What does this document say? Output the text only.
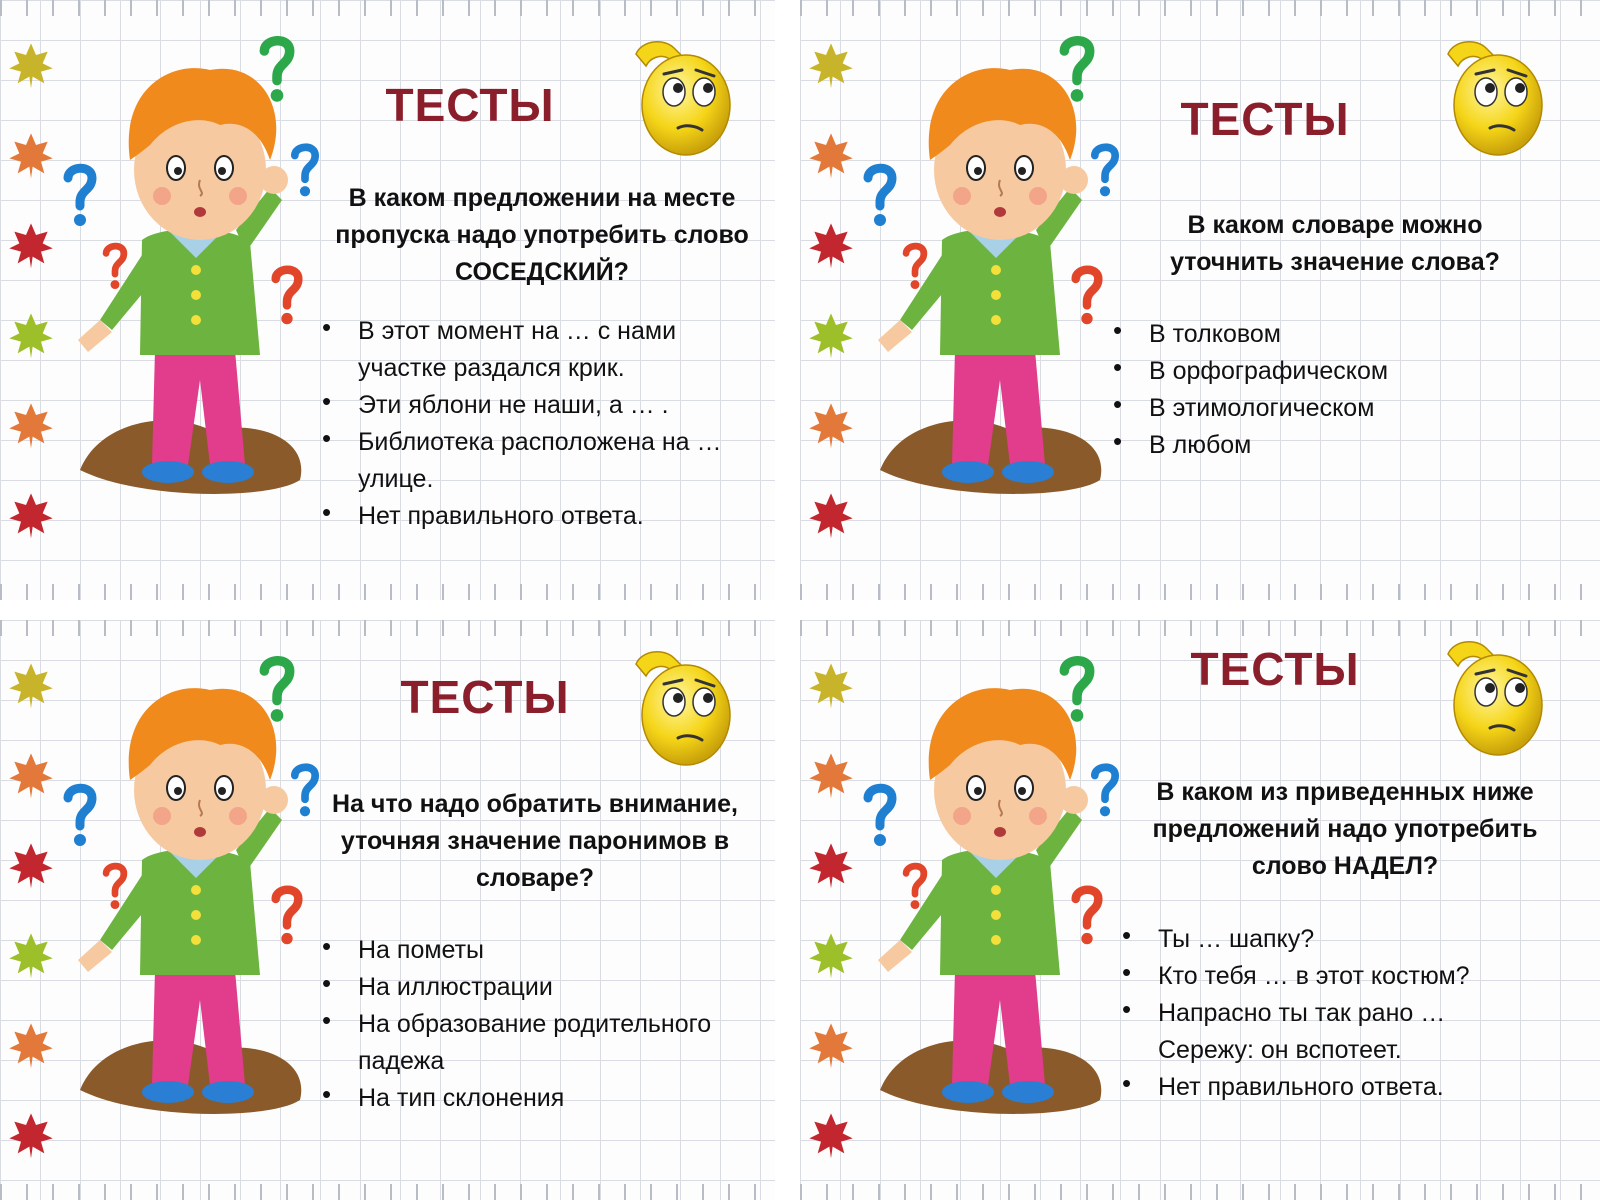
ТЕСТЫ
В каком предложении на месте пропуска надо употребить слово СОСЕДСКИЙ?
• В этот момент на … с нами участке раздался крик.
• Эти яблони не наши, а … .
• Библиотека расположена на … улице.
• Нет правильного ответа.
ТЕСТЫ
В каком словаре можно уточнить значение слова?
• В толковом
• В орфографическом
• В этимологическом
• В любом
ТЕСТЫ
На что надо обратить внимание, уточняя значение паронимов в словаре?
• На пометы
• На иллюстрации
• На образование родительного падежа
• На тип склонения
ТЕСТЫ
В каком из приведенных ниже предложений надо употребить слово НАДЕЛ?
• Ты … шапку?
• Кто тебя … в этот костюм?
• Напрасно ты так рано … Сережу: он вспотеет.
• Нет правильного ответа.
